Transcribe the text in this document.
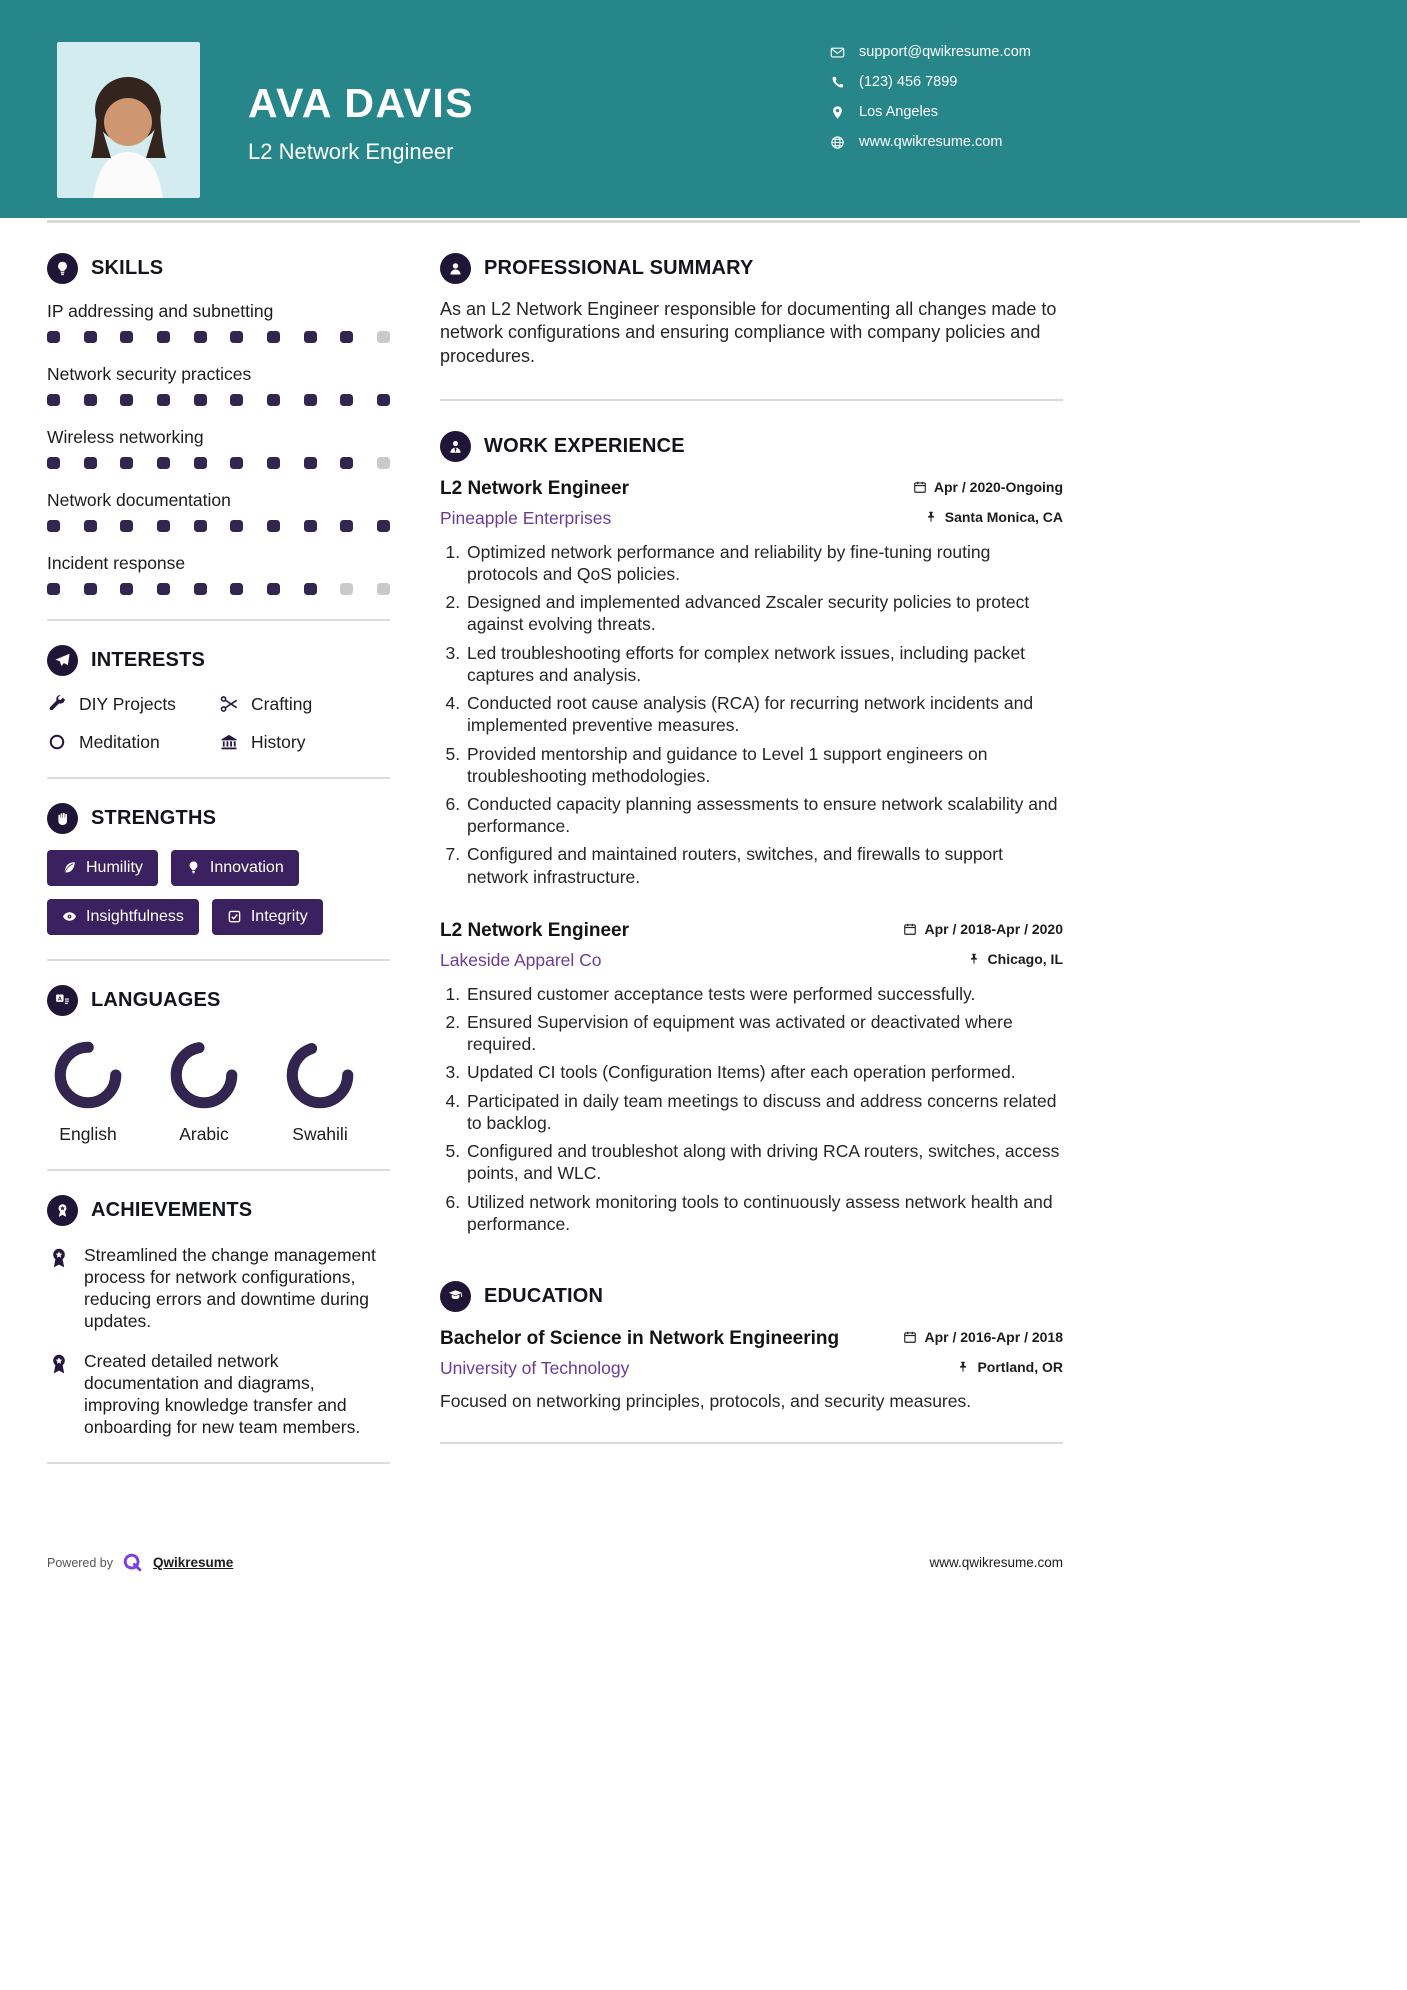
AVA DAVIS
L2 Network Engineer
support@qwikresume.com
(123) 456 7899
Los Angeles
www.qwikresume.com
SKILLS
IP addressing and subnetting
Network security practices
Wireless networking
Network documentation
Incident response
INTERESTS
DIY Projects	Crafting
Meditation	History
STRENGTHS
Humility	Innovation
Insightfulness	Integrity
A LANGUAGES
English	Arabic	Swahili
ACHIEVEMENTS
Streamlined the change management process for network configurations, reducing errors and downtime during updates.
Created detailed network documentation and diagrams, improving knowledge transfer and onboarding for new team members.
PROFESSIONAL SUMMARY

As an L2 Network Engineer responsible for documenting all changes made to network configurations and ensuring compliance with company policies and procedures.

WORK EXPERIENCE
L2 Network Engineer	Apr / 2020-Ongoing
Pineapple Enterprises	Santa Monica, CA
1. Optimized network performance and reliability by fine-tuning routing protocols and QoS policies.
2. Designed and implemented advanced Zscaler security policies to protect against evolving threats.
3. Led troubleshooting efforts for complex network issues, including packet captures and analysis.
4. Conducted root cause analysis (RCA) for recurring network incidents and implemented preventive measures.
5. Provided mentorship and guidance to Level 1 support engineers on troubleshooting methodologies.
6. Conducted capacity planning assessments to ensure network scalability and performance.
7. Configured and maintained routers, switches, and firewalls to support network infrastructure.
L2 Network Engineer	Apr / 2018-Apr / 2020
Lakeside Apparel Co	Chicago, IL
1. Ensured customer acceptance tests were performed successfully.
2. Ensured Supervision of equipment was activated or deactivated where required.
3. Updated CI tools (Configuration Items) after each operation performed.
4. Participated in daily team meetings to discuss and address concerns related to backlog.
5. Configured and troubleshot along with driving RCA routers, switches, access points, and WLC.
6. Utilized network monitoring tools to continuously assess network health and performance.
EDUCATION
Bachelor of Science in Network Engineering	Apr / 2016-Apr / 2018
University of Technology	Portland, OR

Focused on networking principles, protocols, and security measures.

Powered by	Qwikresume	www.qwikresume.com
